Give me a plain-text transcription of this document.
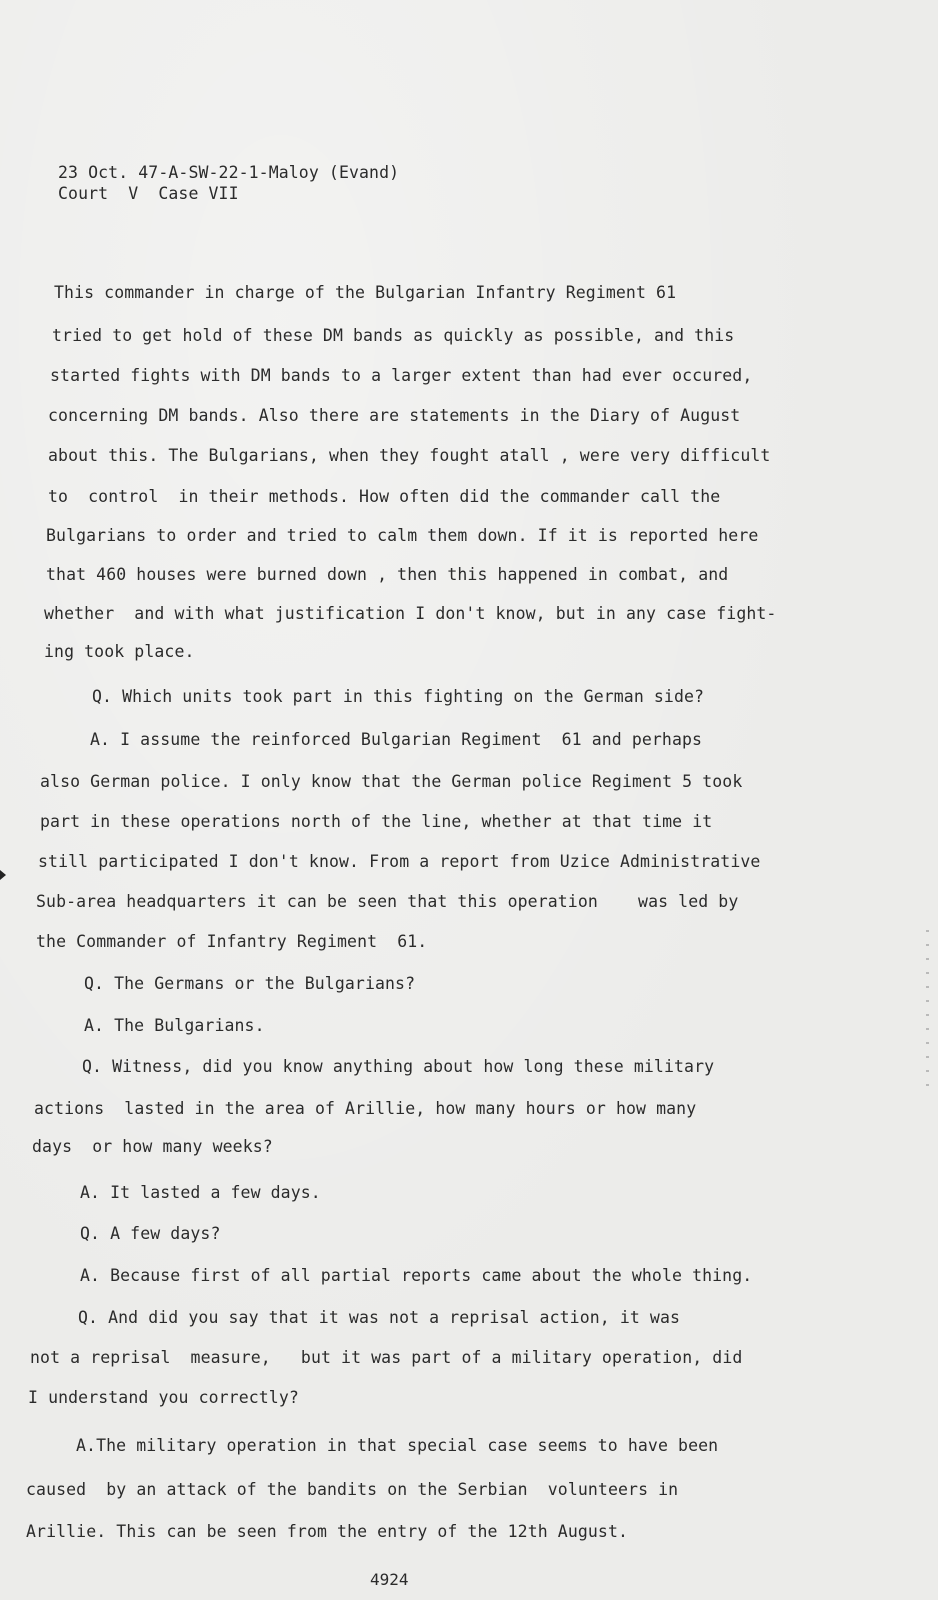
23 Oct. 47-A-SW-22-1-Maloy (Evand)
Court  V  Case VII
This commander in charge of the Bulgarian Infantry Regiment 61
tried to get hold of these DM bands as quickly as possible, and this
started fights with DM bands to a larger extent than had ever occured,
concerning DM bands. Also there are statements in the Diary of August
about this. The Bulgarians, when they fought atall , were very difficult
to  control  in their methods. How often did the commander call the
Bulgarians to order and tried to calm them down. If it is reported here
that 460 houses were burned down , then this happened in combat, and
whether  and with what justification I don't know, but in any case fight-
ing took place.
Q. Which units took part in this fighting on the German side?
A. I assume the reinforced Bulgarian Regiment  61 and perhaps
also German police. I only know that the German police Regiment 5 took
part in these operations north of the line, whether at that time it
still participated I don't know. From a report from Uzice Administrative
Sub-area headquarters it can be seen that this operation    was led by
the Commander of Infantry Regiment  61.
Q. The Germans or the Bulgarians?
A. The Bulgarians.
Q. Witness, did you know anything about how long these military
actions  lasted in the area of Arillie, how many hours or how many
days  or how many weeks?
A. It lasted a few days.
Q. A few days?
A. Because first of all partial reports came about the whole thing.
Q. And did you say that it was not a reprisal action, it was
not a reprisal  measure,   but it was part of a military operation, did
I understand you correctly?
A.The military operation in that special case seems to have been
caused  by an attack of the bandits on the Serbian  volunteers in
Arillie. This can be seen from the entry of the 12th August.
4924
